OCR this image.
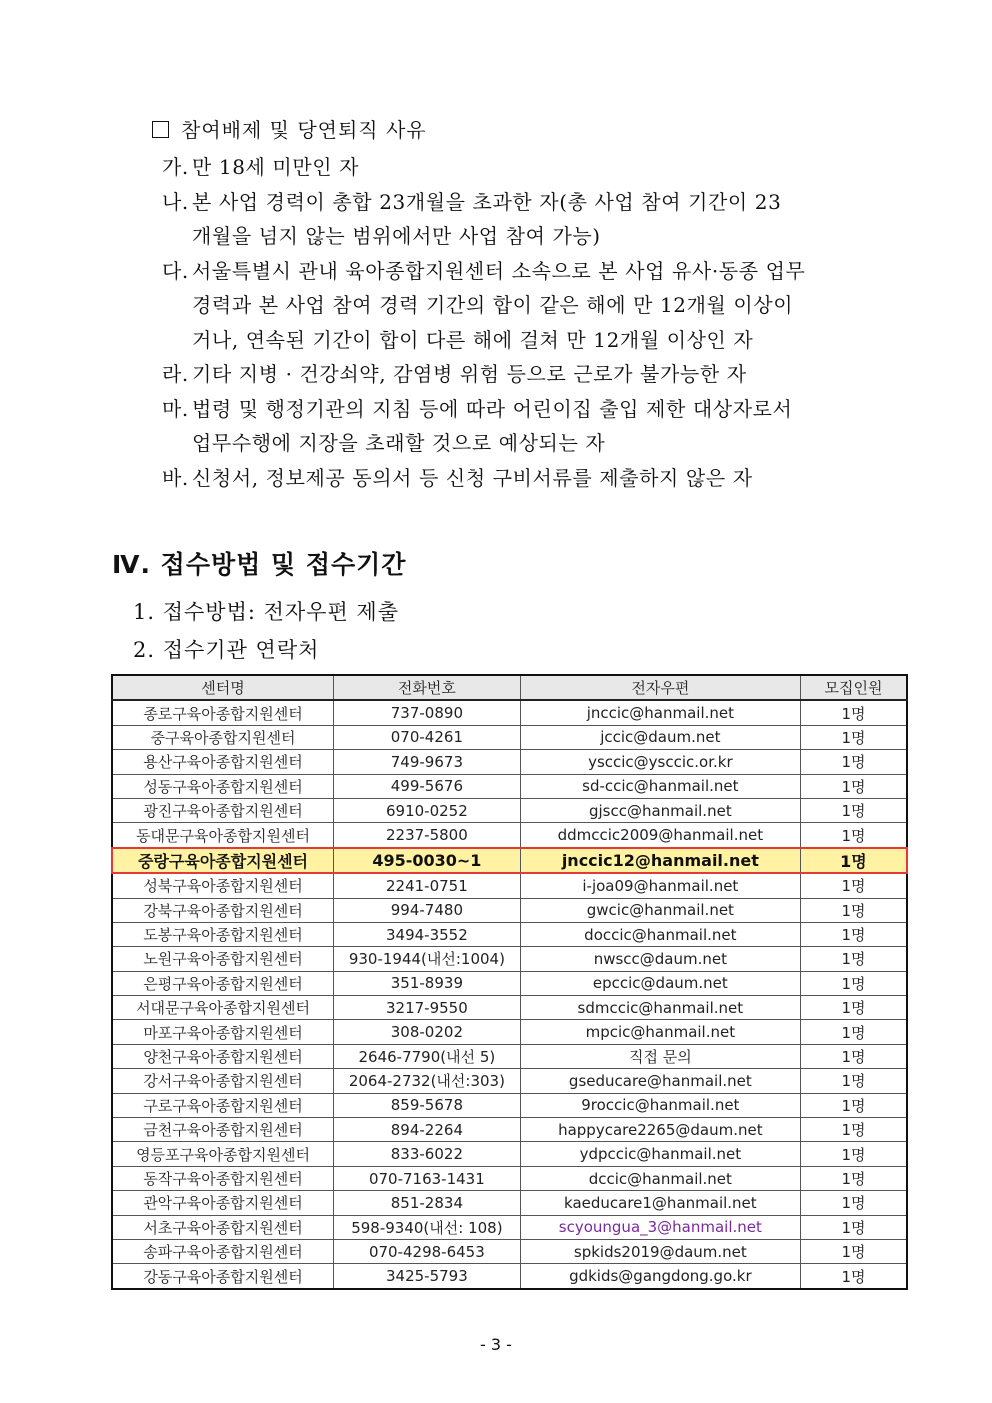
참여배제 및 당연퇴직 사유
가. 만 18세 미만인 자
나. 본 사업 경력이 총합 23개월을 초과한 자(총 사업 참여 기간이 23
개월을 넘지 않는 범위에서만 사업 참여 가능)
다. 서울특별시 관내 육아종합지원센터 소속으로 본 사업 유사·동종 업무
경력과 본 사업 참여 경력 기간의 합이 같은 해에 만 12개월 이상이
거나, 연속된 기간이 합이 다른 해에 걸쳐 만 12개월 이상인 자
라. 기타 지병 · 건강쇠약, 감염병 위험 등으로 근로가 불가능한 자
마. 법령 및 행정기관의 지침 등에 따라 어린이집 출입 제한 대상자로서
업무수행에 지장을 초래할 것으로 예상되는 자
바. 신청서, 정보제공 동의서 등 신청 구비서류를 제출하지 않은 자
Ⅳ. 접수방법 및 접수기간
1. 접수방법: 전자우편 제출
2. 접수기관 연락처
센터명	전화번호	전자우편	모집인원
종로구육아종합지원센터	737-0890	jnccic@hanmail.net	1명
중구육아종합지원센터	070-4261	jccic@daum.net	1명
용산구육아종합지원센터	749-9673	ysccic@ysccic.or.kr	1명
성동구육아종합지원센터	499-5676	sd-ccic@hanmail.net	1명
광진구육아종합지원센터	6910-0252	gjscc@hanmail.net	1명
동대문구육아종합지원센터	2237-5800	ddmccic2009@hanmail.net	1명
중랑구육아종합지원센터	495-0030~1	jnccic12@hanmail.net	1명
성북구육아종합지원센터	2241-0751	i-joa09@hanmail.net	1명
강북구육아종합지원센터	994-7480	gwcic@hanmail.net	1명
도봉구육아종합지원센터	3494-3552	doccic@hanmail.net	1명
노원구육아종합지원센터	930-1944(내선:1004)	nwscc@daum.net	1명
은평구육아종합지원센터	351-8939	epccic@daum.net	1명
서대문구육아종합지원센터	3217-9550	sdmccic@hanmail.net	1명
마포구육아종합지원센터	308-0202	mpcic@hanmail.net	1명
양천구육아종합지원센터	2646-7790(내선 5)	직접 문의	1명
강서구육아종합지원센터	2064-2732(내선:303)	gseducare@hanmail.net	1명
구로구육아종합지원센터	859-5678	9roccic@hanmail.net	1명
금천구육아종합지원센터	894-2264	happycare2265@daum.net	1명
영등포구육아종합지원센터	833-6022	ydpccic@hanmail.net	1명
동작구육아종합지원센터	070-7163-1431	dccic@hanmail.net	1명
관악구육아종합지원센터	851-2834	kaeducare1@hanmail.net	1명
서초구육아종합지원센터	598-9340(내선: 108)	scyoungua_3@hanmail.net	1명
송파구육아종합지원센터	070-4298-6453	spkids2019@daum.net	1명
강동구육아종합지원센터	3425-5793	gdkids@gangdong.go.kr	1명
- 3 -
